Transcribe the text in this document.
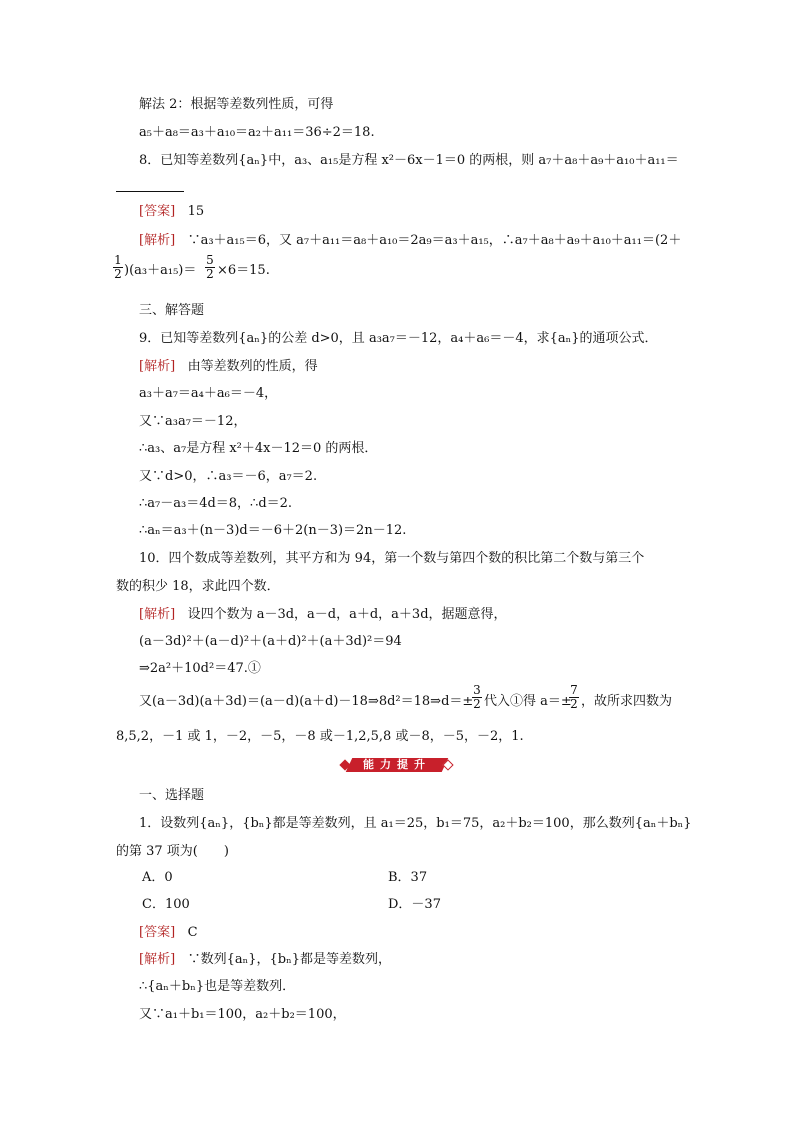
解法 2：根据等差数列性质，可得
a₅＋a₈＝a₃＋a₁₀＝a₂＋a₁₁＝36÷2＝18.
8．已知等差数列{aₙ}中，a₃、a₁₅是方程 x²－6x－1＝0 的两根，则 a₇＋a₈＋a₉＋a₁₀＋a₁₁＝
[答案] 15
[解析] ∵a₃＋a₁₅＝6，又 a₇＋a₁₁＝a₈＋a₁₀＝2a₉＝a₃＋a₁₅，∴a₇＋a₈＋a₉＋a₁₀＋a₁₁＝(2＋
1
2 )(a₃＋a₁₅)＝
5
2 ×6＝15.
三、解答题
9．已知等差数列{aₙ}的公差 d>0，且 a₃a₇＝－12，a₄＋a₆＝－4，求{aₙ}的通项公式．
[解析] 由等差数列的性质，得
a₃＋a₇＝a₄＋a₆＝－4，
又∵a₃a₇＝－12，
∴a₃、a₇是方程 x²＋4x－12＝0 的两根．
又∵d>0，∴a₃＝－6，a₇＝2.
∴a₇－a₃＝4d＝8，∴d＝2.
∴aₙ＝a₃＋(n－3)d＝－6＋2(n－3)＝2n－12.
10．四个数成等差数列，其平方和为 94，第一个数与第四个数的积比第二个数与第三个
数的积少 18，求此四个数．
[解析] 设四个数为 a－3d，a－d，a＋d，a＋3d，据题意得，
(a－3d)²＋(a－d)²＋(a＋d)²＋(a＋3d)²＝94
⇒2a²＋10d²＝47.①
又(a－3d)(a＋3d)＝(a－d)(a＋d)－18⇒8d²＝18⇒d＝±
3
2 代入①得 a＝±
7
2 ，故所求四数为
8,5,2，－1 或 1，－2，－5，－8 或－1,2,5,8 或－8，－5，－2，1.
能力提升
一、选择题
1．设数列{aₙ}，{bₙ}都是等差数列，且 a₁＝25，b₁＝75，a₂＋b₂＝100，那么数列{aₙ＋bₙ}
的第 37 项为(　　)
A．0	B．37
C．100	D．－37
[答案] C
[解析] ∵数列{aₙ}，{bₙ}都是等差数列，
∴{aₙ＋bₙ}也是等差数列．
又∵a₁＋b₁＝100，a₂＋b₂＝100，
